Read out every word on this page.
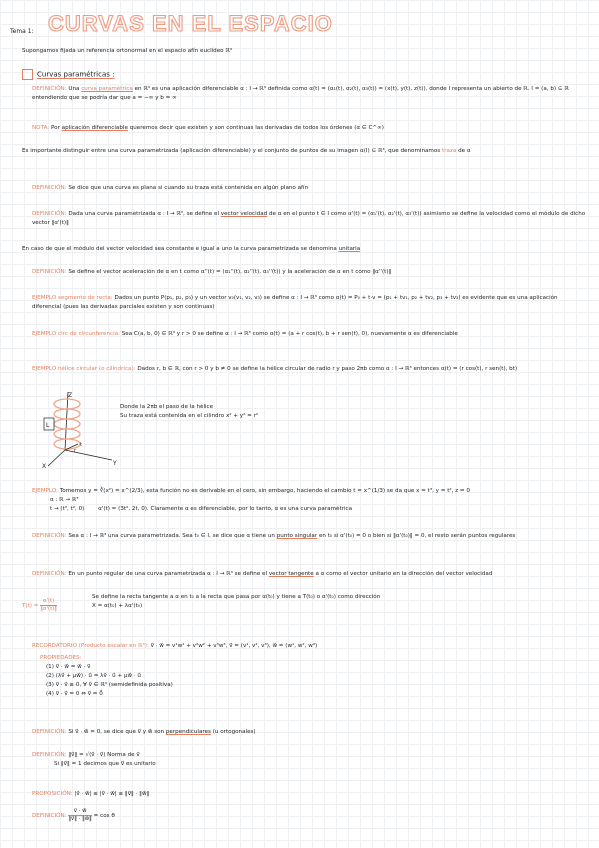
Tema 1: CURVAS EN EL ESPACIO
Supongamos fijada un referencia ortonormal en el espacio afín euclídeo ℝ³
Curvas paramétricas :
DEFINICIÓN: Una curva paramétrica en ℝ³ es una aplicación diferenciable α : I → ℝ³ definida como α(t) = (α₁(t), α₂(t), α₃(t)) = (x(t), y(t), z(t)), donde I representa un abierto de ℝ. I = (a, b) ⊆ ℝ entendiendo que se podría dar que a = −∞ y b = ∞
NOTA: Por aplicación diferenciable queremos decir que existen y son continuas las derivadas de todos los órdenes (α ∈ C^∞)
Es importante distinguir entre una curva parametrizada (aplicación diferenciable) y el conjunto de puntos de su imagen α(I) ⊆ ℝ³, que denominamos traza de α
DEFINICIÓN: Se dice que una curva es plana si cuando su traza está contenida en algún plano afín
DEFINICIÓN: Dada una curva parametrizada α : I → ℝ³, se define el vector velocidad de α en el punto t ∈ I como α'(t) = (α₁'(t), α₂'(t), α₃'(t)) asimismo se define la velocidad como el módulo de dicho vector ‖α'(t)‖
En caso de que el módulo del vector velocidad sea constante e igual a uno la curva parametrizada se denomina unitaria
DEFINICIÓN: Se define el vector aceleración de α en t como α''(t) = (α₁''(t), α₂''(t), α₃''(t)) y la aceleración de α en t como ‖α''(t)‖
EJEMPLO segmento de recta: Dados un punto P(p₁, p₂, p₃) y un vector v₀(v₁, v₂, v₃) se define α : I → ℝ³ como α(t) = P₀ + t·v = (p₁ + tv₁, p₂ + tv₂, p₃ + tv₃) es evidente que es una aplicación diferencial (pues las derivadas parciales existen y son continuas)
EJEMPLO circ de circunferencia: Sea C(a, b, 0) ∈ ℝ³ y r > 0 se define α : I → ℝ³ como α(t) = (a + r cos(t), b + r sen(t), 0), nuevamente α es diferenciable
EJEMPLO hélice circular (o cilíndrica): Dados r, b ∈ ℝ, con r > 0 y b ≠ 0 se define la hélice circular de radio r y paso 2πb como α : I → ℝ³ entonces α(t) = (r cos(t), r sen(t), bt)
Z
Y
X
L
r
t
Donde la 2πb el paso de la hélice
Su traza está contenida en el cilindro x² + y² = r²
EJEMPLO: Tomemos y = ∛(x²) = x^(2/3), esta función no es derivable en el cero, sin embargo, haciendo el cambio t = x^(1/3) se da que x = t³, y = t², z = 0
α : ℝ → ℝ³
t → (t³, t², 0) α'(t) = (3t², 2t, 0). Claramente α es diferenciable, por lo tanto, α es una curva paramétrica
DEFINICIÓN: Sea α : I → ℝ³ una curva parametrizada. Sea t₀ ∈ I, se dice que α tiene un punto singular en t₀ si α'(t₀) = 0 o bien si ‖α'(t₀)‖ = 0, el resto serán puntos regulares
DEFINICIÓN: En un punto regular de una curva parametrizada α : I → ℝ³ se define el vector tangente a α como el vector unitario en la dirección del vector velocidad
$T(t) = \frac{\alpha'(t)}{‖\alpha'(t)‖}$
Se define la recta tangente a α en t₀ a la recta que pasa por α(t₀) y tiene a T(t₀) o α'(t₀) como dirección
X = α(t₀) + λα'(t₀)
RECORDATORIO (Producto escalar en ℝ³): v⃗ · w⃗ = v¹w¹ + v²w² + v³w³, v⃗ = (v¹, v², v³), w⃗ = (w¹, w², w³)
PROPIEDADES:
(1) v⃗ · w⃗ = w⃗ · v⃗
(2) (λv⃗ + μw⃗) · u⃗ = λv⃗ · u⃗ + μw⃗ · u⃗
(3) v⃗ · v⃗ ≥ 0, ∀ v⃗ ∈ ℝ³ (semidefinida positiva)
(4) v⃗ · v⃗ = 0 ⇔ v⃗ = 0⃗
DEFINICIÓN: Si v⃗ · w⃗ = 0, se dice que v⃗ y w⃗ son perpendiculares (u ortogonales)
DEFINICIÓN: ‖v⃗‖ = √(v⃗ · v⃗) Norma de v⃗
Si ‖v⃗‖ = 1 decimos que v⃗ es unitario
PROPOSICIÓN: |v⃗ · w⃗| ≤ |v⃗ · w⃗| ≤ ‖v⃗‖ · ‖w⃗‖
DEFINICIÓN: $\frac{v⃗ \cdot w⃗}{‖v⃗‖ \cdot ‖w⃗‖} = \cos \theta$
